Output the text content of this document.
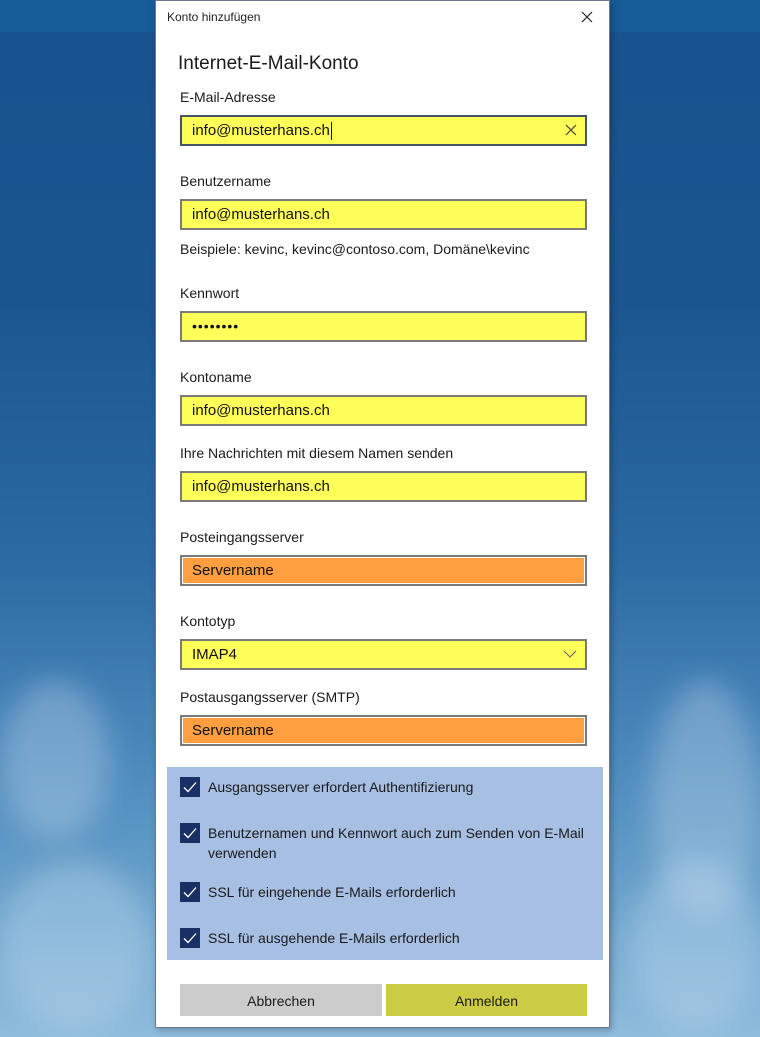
Konto hinzufügen
Internet-E-Mail-Konto
E-Mail-Adresse
info@musterhans.ch
Benutzername
info@musterhans.ch
Beispiele: kevinc, kevinc@contoso.com, Domäne\kevinc
Kennwort
••••••••
Kontoname
info@musterhans.ch
Ihre Nachrichten mit diesem Namen senden
info@musterhans.ch
Posteingangsserver
Servername
Kontotyp
IMAP4
Postausgangsserver (SMTP)
Servername
Ausgangsserver erfordert Authentifizierung
Benutzernamen und Kennwort auch zum Senden von E-Mail verwenden
SSL für eingehende E-Mails erforderlich
SSL für ausgehende E-Mails erforderlich
Abbrechen	Anmelden
